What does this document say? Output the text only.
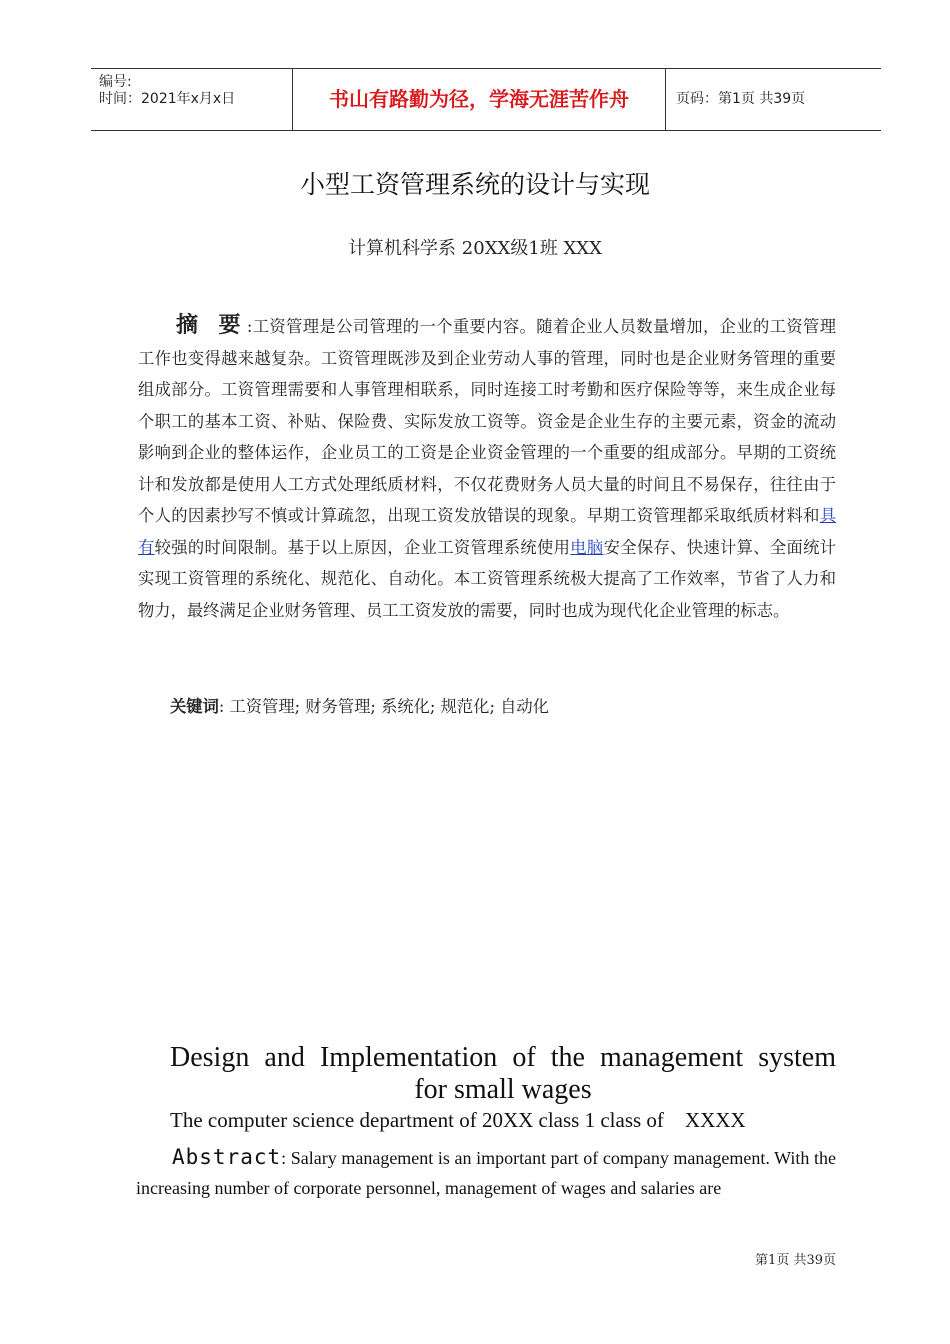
编号:
时间：2021年x月x日	书山有路勤为径，学海无涯苦作舟	页码：第1页 共39页
小型工资管理系统的设计与实现
计算机科学系 20XX级1班 XXX
摘 要:工资管理是公司管理的一个重要内容。随着企业人员数量增加，企业的工资管理工作也变得越来越复杂。工资管理既涉及到企业劳动人事的管理，同时也是企业财务管理的重要组成部分。工资管理需要和人事管理相联系，同时连接工时考勤和医疗保险等等，来生成企业每个职工的基本工资、补贴、保险费、实际发放工资等。资金是企业生存的主要元素，资金的流动影响到企业的整体运作，企业员工的工资是企业资金管理的一个重要的组成部分。早期的工资统计和发放都是使用人工方式处理纸质材料，不仅花费财务人员大量的时间且不易保存，往往由于个人的因素抄写不慎或计算疏忽，出现工资发放错误的现象。早期工资管理都采取纸质材料和具有较强的时间限制。基于以上原因，企业工资管理系统使用电脑安全保存、快速计算、全面统计实现工资管理的系统化、规范化、自动化。本工资管理系统极大提高了工作效率，节省了人力和物力，最终满足企业财务管理、员工工资发放的需要，同时也成为现代化企业管理的标志。
关键词: 工资管理; 财务管理; 系统化; 规范化; 自动化
Design and Implementation of the management system
for small wages
The computer science department of 20XX class 1 class of    XXXX
Abstract: Salary management is an important part of company management. With the increasing number of corporate personnel, management of wages and salaries are
第1页 共39页
